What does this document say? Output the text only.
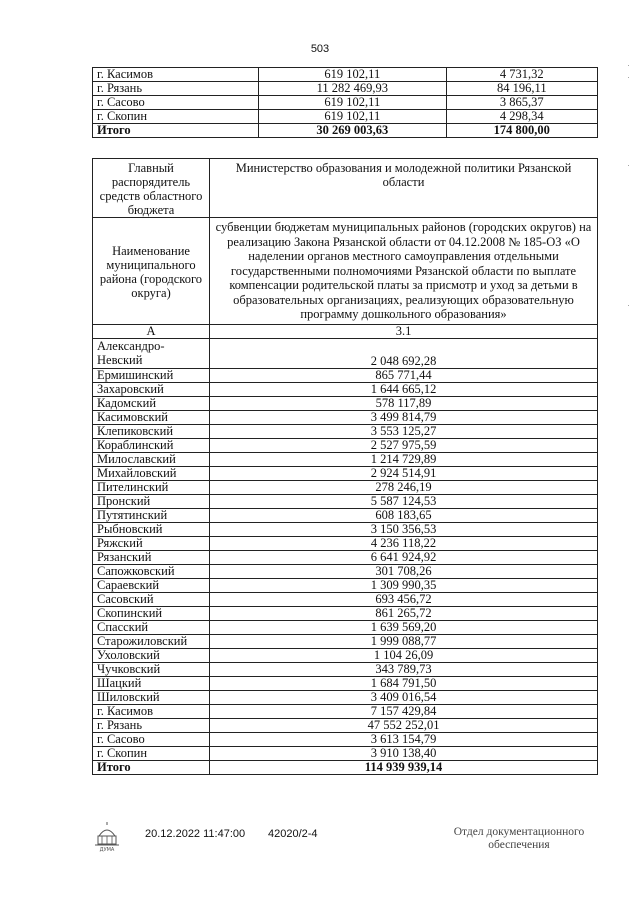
503
г. Касимов	619 102,11	4 731,32
г. Рязань	11 282 469,93	84 196,11
г. Сасово	619 102,11	3 865,37
г. Скопин	619 102,11	4 298,34
Итого	30 269 003,63	174 800,00
Главный распорядитель средств областного бюджета	Министерство образования и молодежной политики Рязанской области
Наименование муниципального района (городского округа)	субвенции бюджетам муниципальных районов (городских округов) на реализацию Закона Рязанской области от 04.12.2008 № 185-ОЗ «О наделении органов местного самоуправления отдельными государственными полномочиями Рязанской области по выплате компенсации родительской платы за присмотр и уход за детьми в образовательных организациях, реализующих образовательную программу дошкольного образования»
А	3.1
Александро-Невский	2 048 692,28
Ермишинский	865 771,44
Захаровский	1 644 665,12
Кадомский	578 117,89
Касимовский	3 499 814,79
Клепиковский	3 553 125,27
Кораблинский	2 527 975,59
Милославский	1 214 729,89
Михайловский	2 924 514,91
Пителинский	278 246,19
Пронский	5 587 124,53
Путятинский	608 183,65
Рыбновский	3 150 356,53
Ряжский	4 236 118,22
Рязанский	6 641 924,92
Сапожковский	301 708,26
Сараевский	1 309 990,35
Сасовский	693 456,72
Скопинский	861 265,72
Спасский	1 639 569,20
Старожиловский	1 999 088,77
Ухоловский	1 104 26,09
Чучковский	343 789,73
Шацкий	1 684 791,50
Шиловский	3 409 016,54
г. Касимов	7 157 429,84
г. Рязань	47 552 252,01
г. Сасово	3 613 154,79
г. Скопин	3 910 138,40
Итого	114 939 939,14
ДУМА
20.12.2022 11:47:00 42020/2-4	Отдел документационного
обеспечения
·
·
·
·
